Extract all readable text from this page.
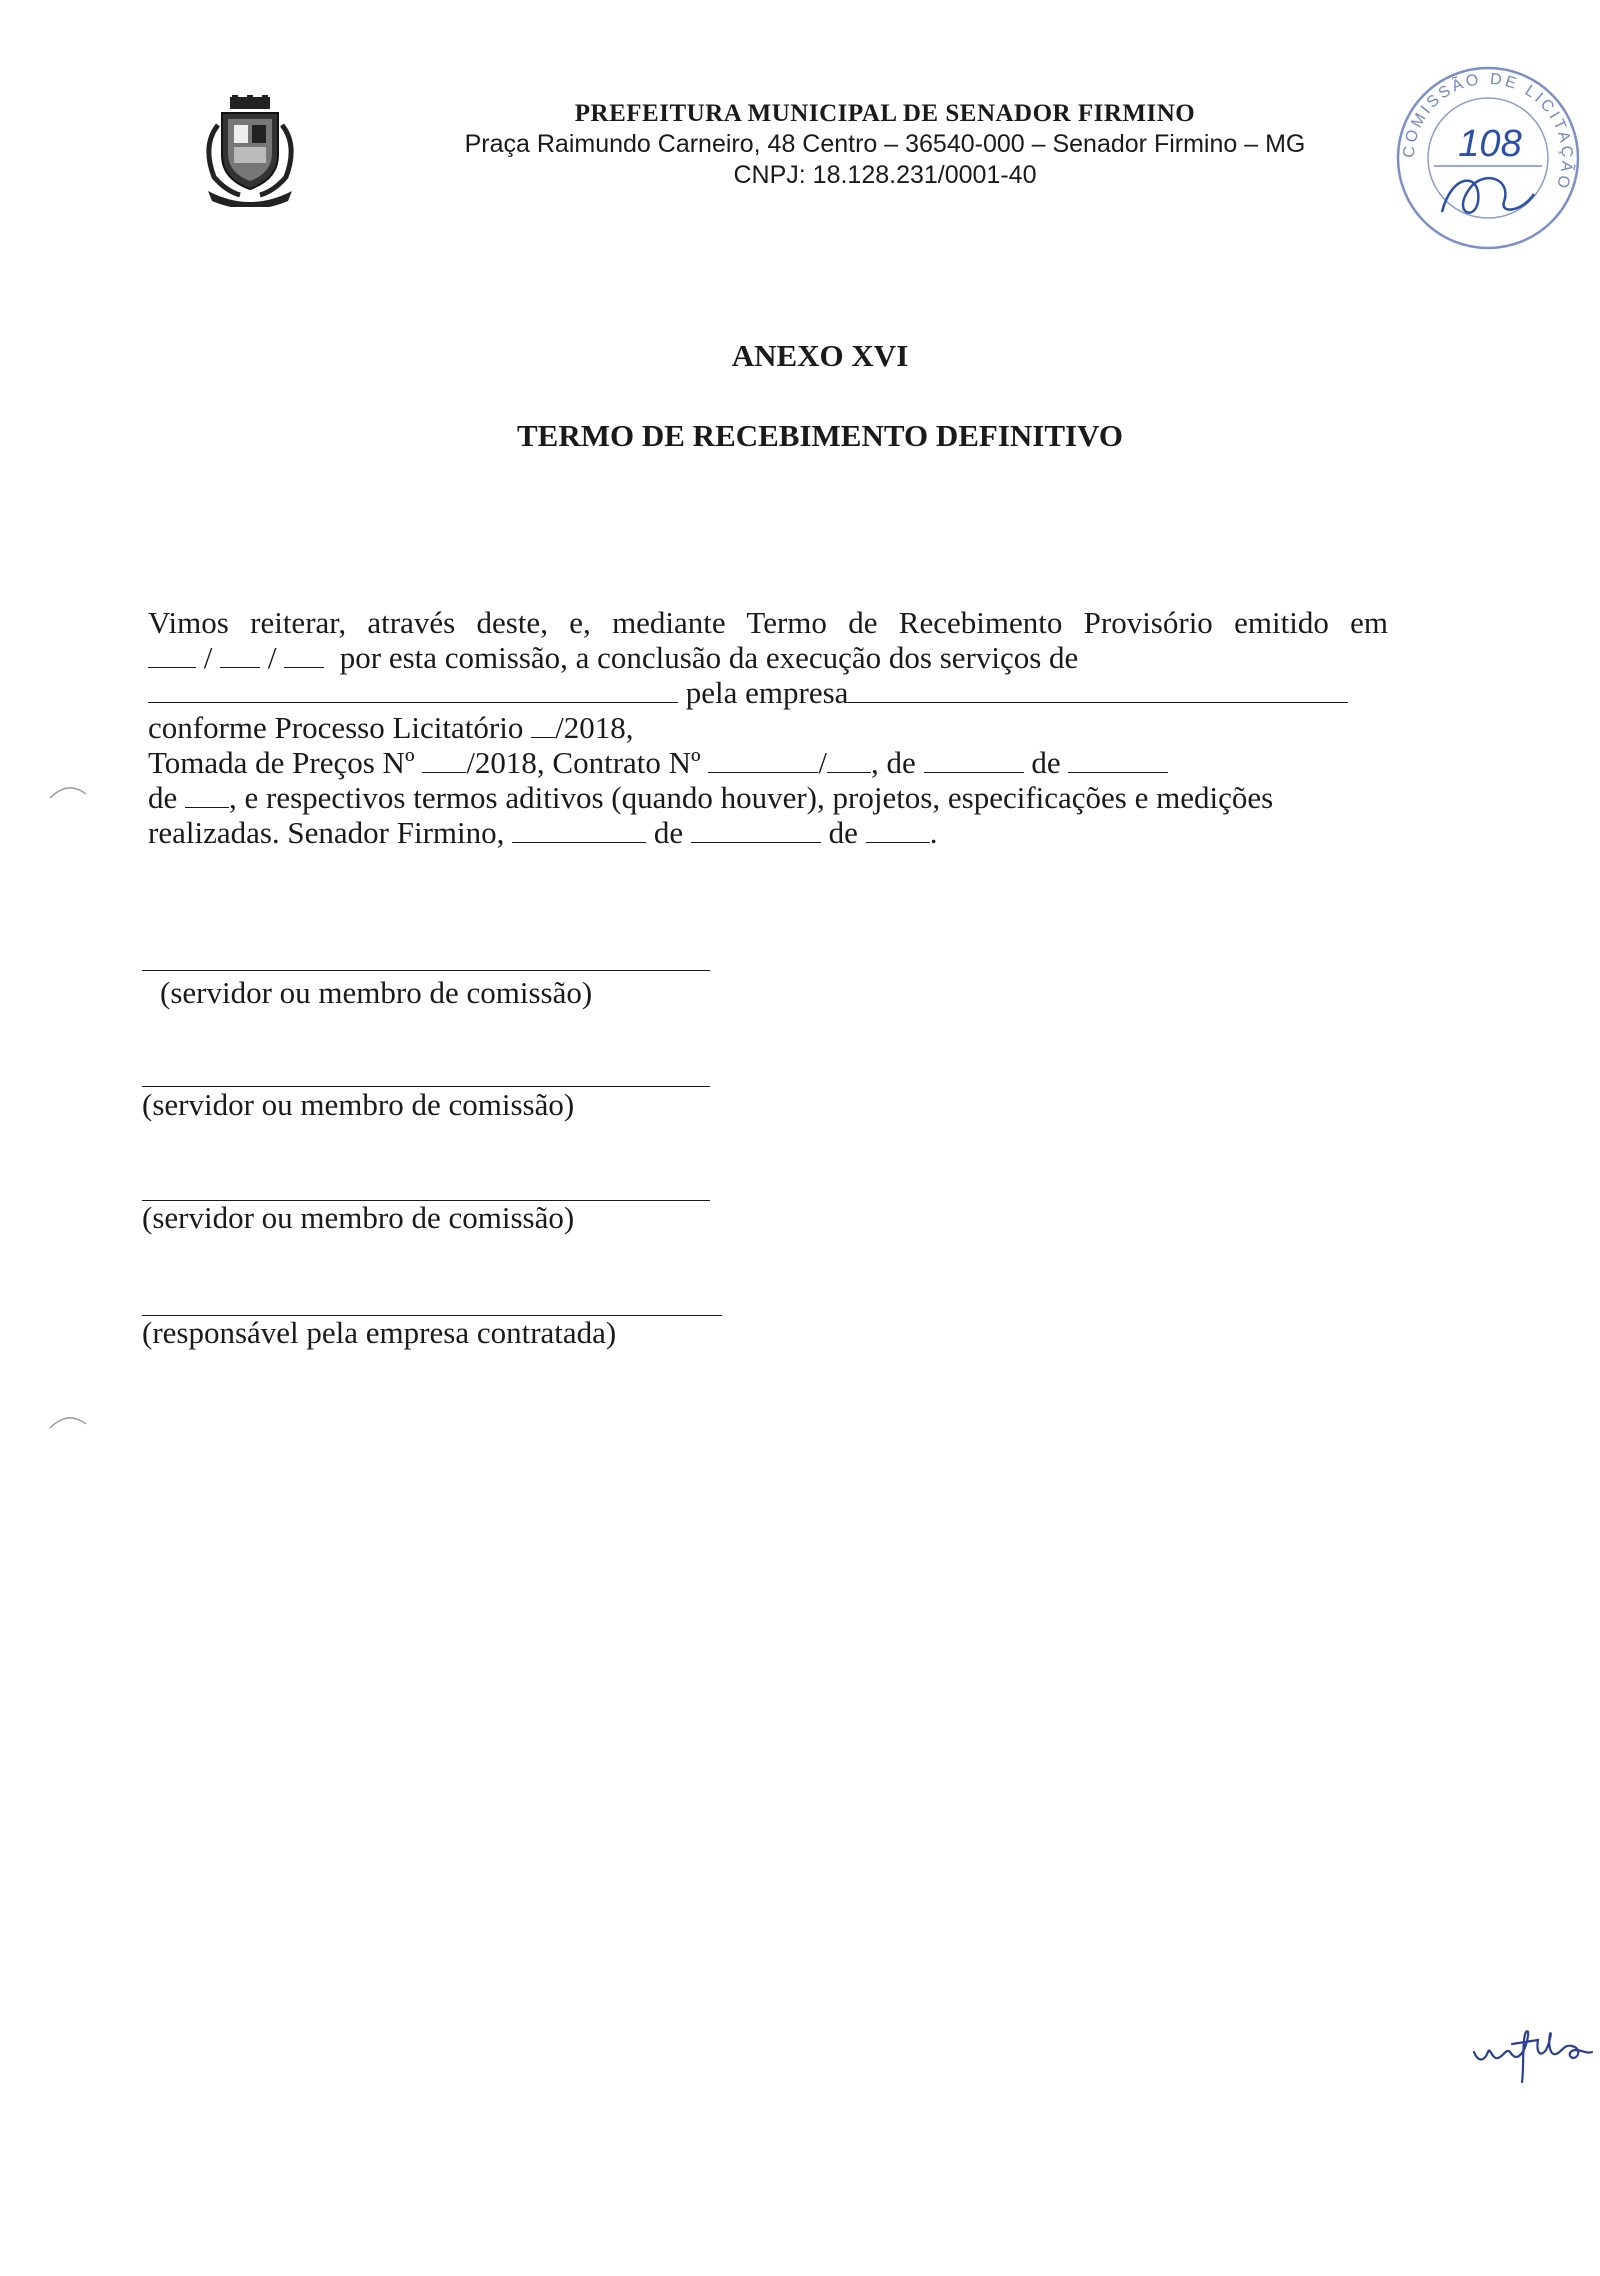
PREFEITURA MUNICIPAL DE SENADOR FIRMINO
Praça Raimundo Carneiro, 48 Centro – 36540-000 – Senador Firmino – MG
CNPJ: 18.128.231/0001-40
COMISSÃO DE LICITAÇÃO
108
ANEXO XVI
TERMO DE RECEBIMENTO DEFINITIVO
Vimos reiterar, através deste, e, mediante Termo de Recebimento Provisório emitido em
/ / por esta comissão, a conclusão da execução dos serviços de
pela empresa
conforme Processo Licitatório /2018,
Tomada de Preços Nº /2018, Contrato Nº	/ , de	de
de , e respectivos termos aditivos (quando houver), projetos, especificações e medições
realizadas. Senador Firmino,	de	de .
(servidor ou membro de comissão)
(servidor ou membro de comissão)
(servidor ou membro de comissão)
(responsável pela empresa contratada)
